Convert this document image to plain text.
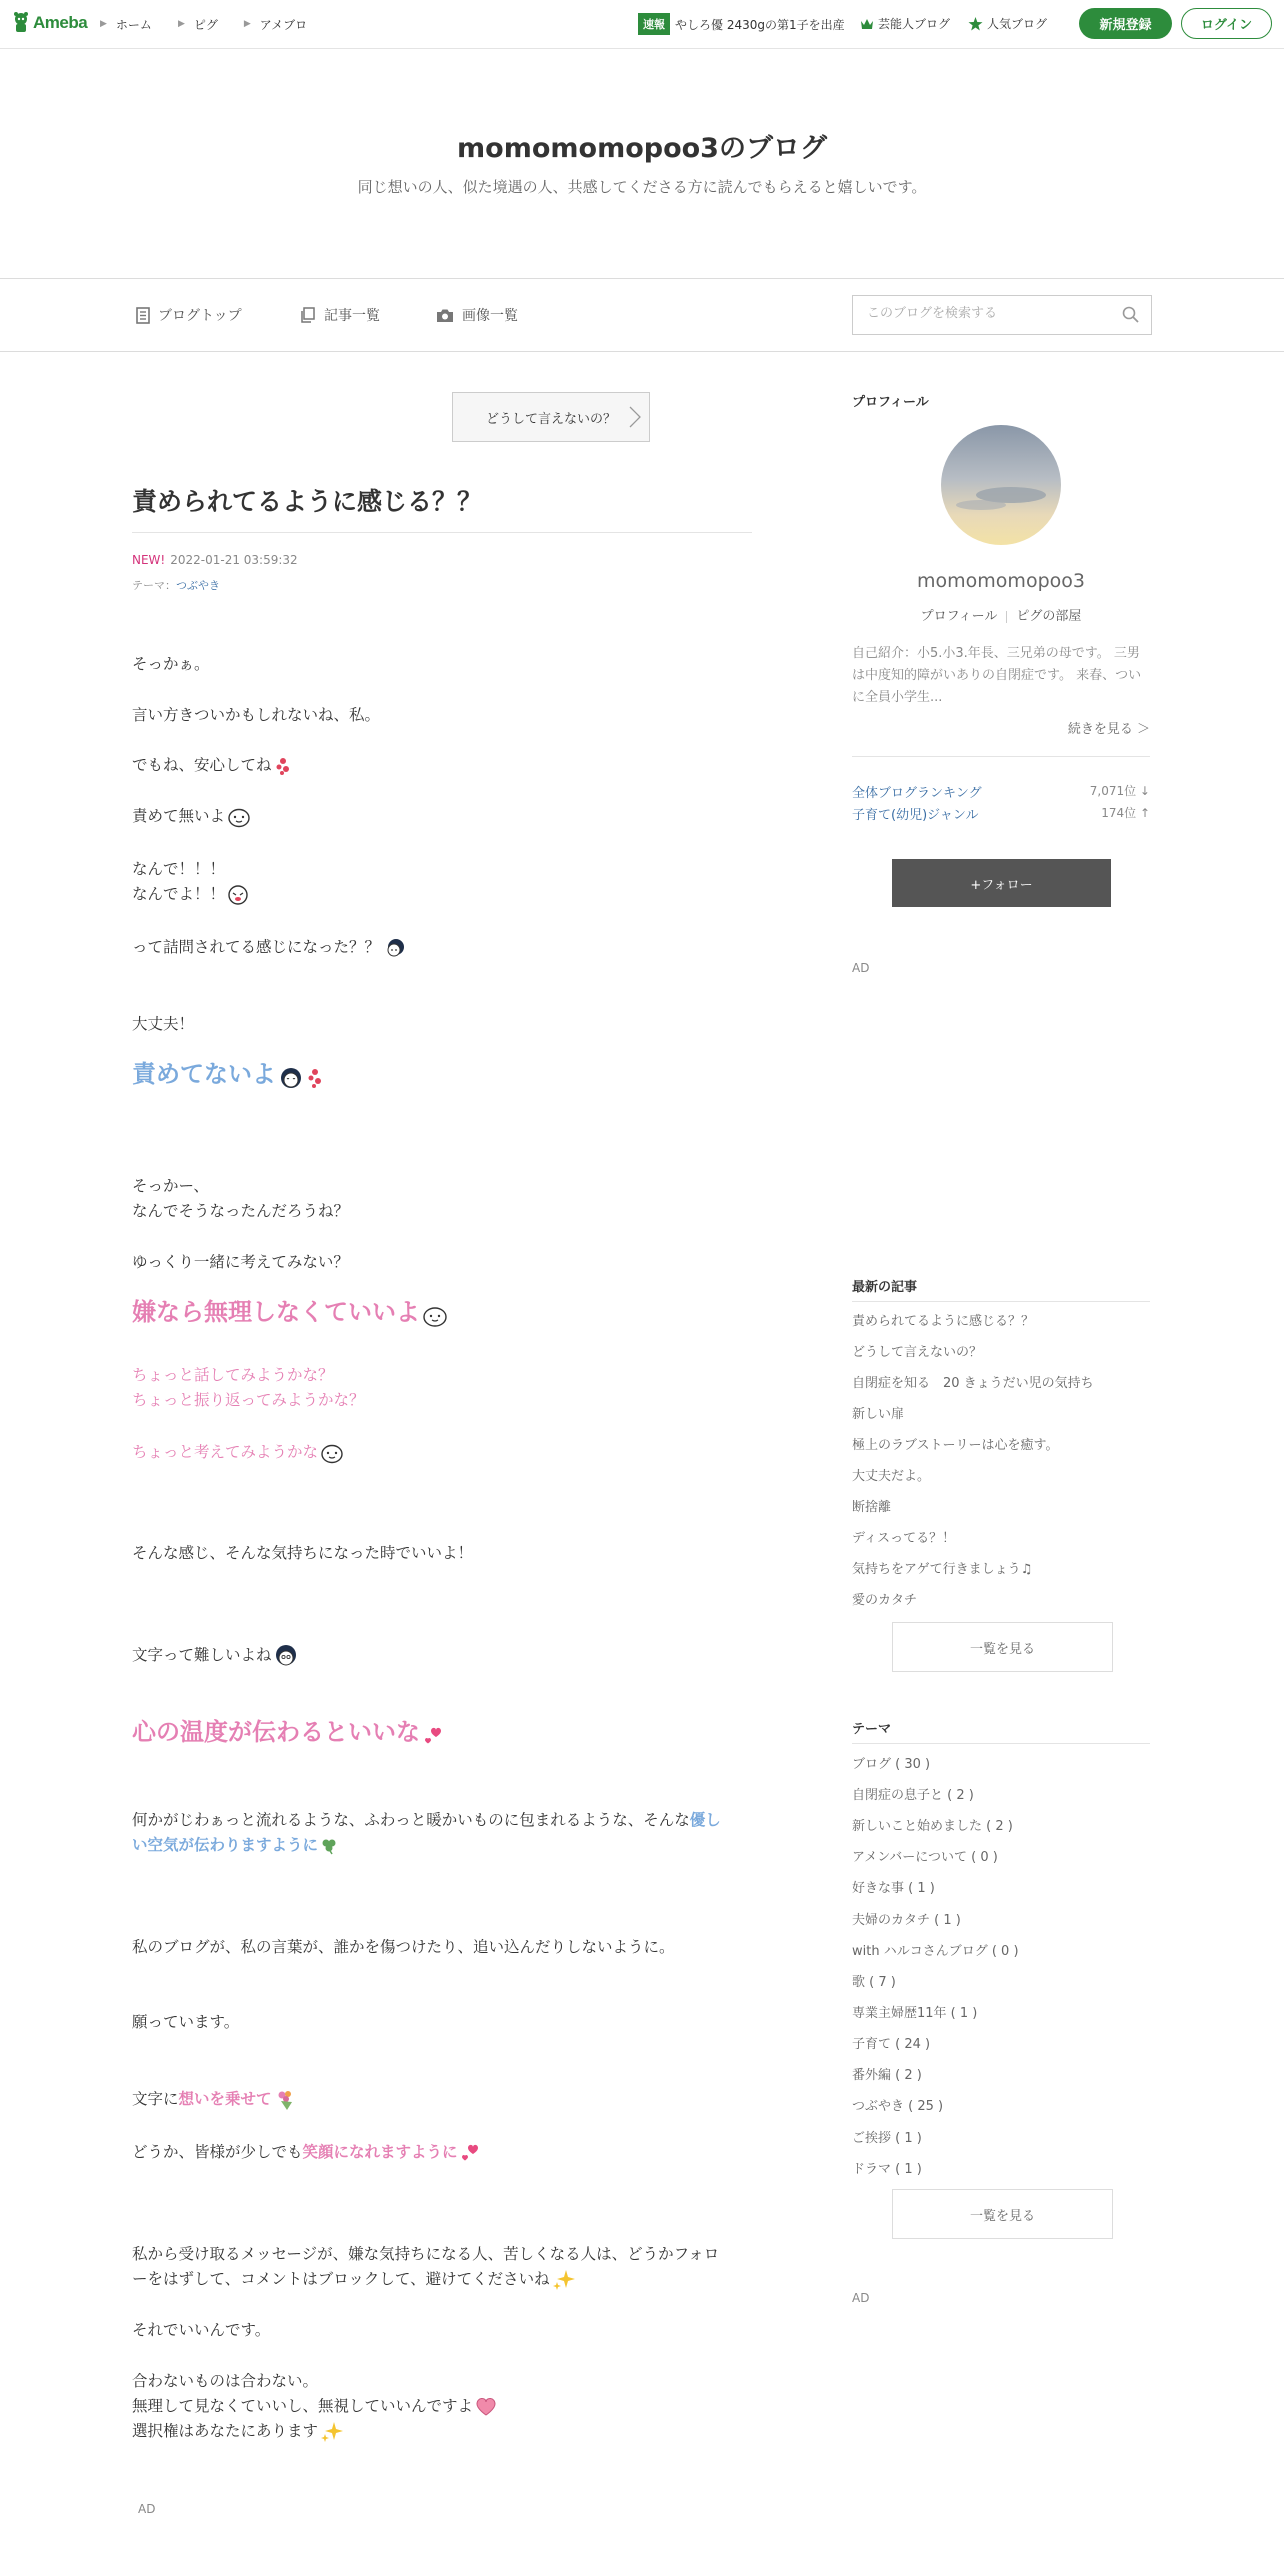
Ameba ▶ ホーム	▶ ピグ	▶ アメブロ	速報 やしろ優 2430gの第1子を出産	芸能人ブログ	人気ブログ	新規登録	ログイン
momomomopoo3のブログ
同じ想いの人、似た境遇の人、共感してくださる方に読んでもらえると嬉しいです。
ブログトップ	記事一覧	画像一覧
このブログを検索する
どうして言えないの？
責められてるように感じる？？
NEW! 2022-01-21 03:59:32
テーマ：つぶやき
そっかぁ。
言い方きついかもしれないね、私。
でもね、安心してね
責めて無いよ
なんで！！！
なんでよ！！
って詰問されてる感じになった？？
大丈夫！
責めてないよ
そっかー、
なんでそうなったんだろうね？
ゆっくり一緒に考えてみない？
嫌なら無理しなくていいよ
ちょっと話してみようかな？
ちょっと振り返ってみようかな？
ちょっと考えてみようかな
そんな感じ、そんな気持ちになった時でいいよ！
文字って難しいよね
心の温度が伝わるといいな
何かがじわぁっと流れるような、ふわっと暖かいものに包まれるような、そんな優し
い空気が伝わりますように
私のブログが、私の言葉が、誰かを傷つけたり、追い込んだりしないように。
願っています。
文字に想いを乗せて
どうか、皆様が少しでも笑顔になれますように
私から受け取るメッセージが、嫌な気持ちになる人、苦しくなる人は、どうかフォロ
ーをはずして、コメントはブロックして、避けてくださいね
それでいいんです。
合わないものは合わない。
無理して見なくていいし、無視していいんですよ
選択権はあなたにあります
AD
プロフィール
momomomopoo3
プロフィール ピグの部屋
自己紹介：小5.小3.年長、三兄弟の母です。 三男は中度知的障がいありの自閉症です。 来春、ついに全員小学生...
続きを見る ＞
全体ブログランキング	7,071位 ↓
子育て(幼児)ジャンル	174位 ↑
+フォロー
AD
最新の記事
責められてるように感じる？？
どうして言えないの？
自閉症を知る　20 きょうだい児の気持ち
新しい扉
極上のラブストーリーは心を癒す。
大丈夫だよ。
断捨離
ディスってる？！
気持ちをアゲて行きましょう♫
愛のカタチ
一覧を見る
テーマ
ブログ ( 30 )
自閉症の息子と ( 2 )
新しいこと始めました ( 2 )
アメンバーについて ( 0 )
好きな事 ( 1 )
夫婦のカタチ ( 1 )
with ハルコさんブログ ( 0 )
歌 ( 7 )
専業主婦歴11年 ( 1 )
子育て ( 24 )
番外編 ( 2 )
つぶやき ( 25 )
ご挨拶 ( 1 )
ドラマ ( 1 )
一覧を見る
AD
